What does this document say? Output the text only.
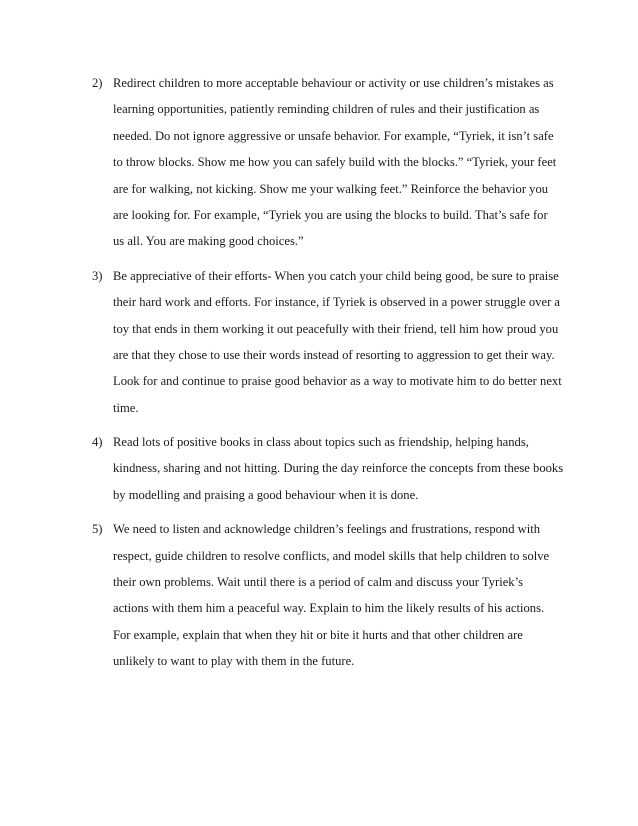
2) Redirect children to more acceptable behaviour or activity or use children’s mistakes as
learning opportunities, patiently reminding children of rules and their justification as
needed. Do not ignore aggressive or unsafe behavior. For example, “Tyriek, it isn’t safe
to throw blocks. Show me how you can safely build with the blocks.” “Tyriek, your feet
are for walking, not kicking. Show me your walking feet.” Reinforce the behavior you
are looking for. For example, “Tyriek you are using the blocks to build. That’s safe for
us all. You are making good choices.”
3) Be appreciative of their efforts- When you catch your child being good, be sure to praise
their hard work and efforts. For instance, if Tyriek is observed in a power struggle over a
toy that ends in them working it out peacefully with their friend, tell him how proud you
are that they chose to use their words instead of resorting to aggression to get their way.
Look for and continue to praise good behavior as a way to motivate him to do better next
time.
4) Read lots of positive books in class about topics such as friendship, helping hands,
kindness, sharing and not hitting. During the day reinforce the concepts from these books
by modelling and praising a good behaviour when it is done.
5) We need to listen and acknowledge children’s feelings and frustrations, respond with
respect, guide children to resolve conflicts, and model skills that help children to solve
their own problems. Wait until there is a period of calm and discuss your Tyriek’s
actions with them him a peaceful way. Explain to him the likely results of his actions.
For example, explain that when they hit or bite it hurts and that other children are
unlikely to want to play with them in the future.
